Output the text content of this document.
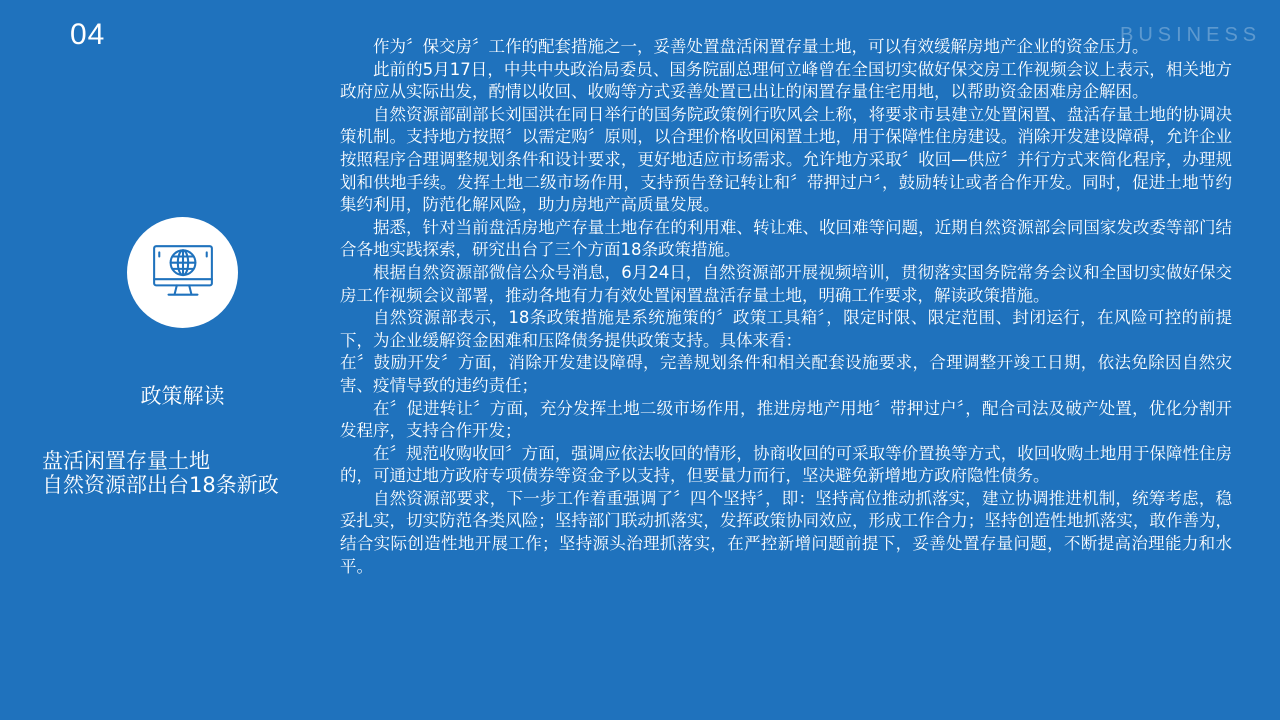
04	BUSINESS
政策解读
盘活闲置存量土地
自然资源部出台18条新政

作为〞保交房〞工作的配套措施之一，妥善处置盘活闲置存量土地，可以有效缓解房地产企业的资金压力。

此前的5月17日，中共中央政治局委员、国务院副总理何立峰曾在全国切实做好保交房工作视频会议上表示，相关地方政府应从实际出发，酌情以收回、收购等方式妥善处置已出让的闲置存量住宅用地，以帮助资金困难房企解困。

自然资源部副部长刘国洪在同日举行的国务院政策例行吹风会上称，将要求市县建立处置闲置、盘活存量土地的协调决策机制。支持地方按照〞以需定购〞原则，以合理价格收回闲置土地，用于保障性住房建设。消除开发建设障碍，允许企业按照程序合理调整规划条件和设计要求，更好地适应市场需求。允许地方采取〞收回—供应〞并行方式来简化程序，办理规划和供地手续。发挥土地二级市场作用，支持预告登记转让和〞带押过户〞，鼓励转让或者合作开发。同时，促进土地节约集约利用，防范化解风险，助力房地产高质量发展。

据悉，针对当前盘活房地产存量土地存在的利用难、转让难、收回难等问题，近期自然资源部会同国家发改委等部门结合各地实践探索，研究出台了三个方面18条政策措施。

根据自然资源部微信公众号消息，6月24日，自然资源部开展视频培训，贯彻落实国务院常务会议和全国切实做好保交房工作视频会议部署，推动各地有力有效处置闲置盘活存量土地，明确工作要求，解读政策措施。

自然资源部表示，18条政策措施是系统施策的〞政策工具箱〞，限定时限、限定范围、封闭运行，在风险可控的前提下，为企业缓解资金困难和压降债务提供政策支持。具体来看：

在〞鼓励开发〞方面，消除开发建设障碍，完善规划条件和相关配套设施要求，合理调整开竣工日期，依法免除因自然灾害、疫情导致的违约责任；

在〞促进转让〞方面，充分发挥土地二级市场作用，推进房地产用地〞带押过户〞，配合司法及破产处置，优化分割开发程序，支持合作开发；

在〞规范收购收回〞方面，强调应依法收回的情形，协商收回的可采取等价置换等方式，收回收购土地用于保障性住房的，可通过地方政府专项债券等资金予以支持，但要量力而行，坚决避免新增地方政府隐性债务。

自然资源部要求，下一步工作着重强调了〞四个坚持〞，即：坚持高位推动抓落实，建立协调推进机制，统筹考虑，稳妥扎实，切实防范各类风险；坚持部门联动抓落实，发挥政策协同效应，形成工作合力；坚持创造性地抓落实，敢作善为，结合实际创造性地开展工作；坚持源头治理抓落实，在严控新增问题前提下，妥善处置存量问题，不断提高治理能力和水平。
